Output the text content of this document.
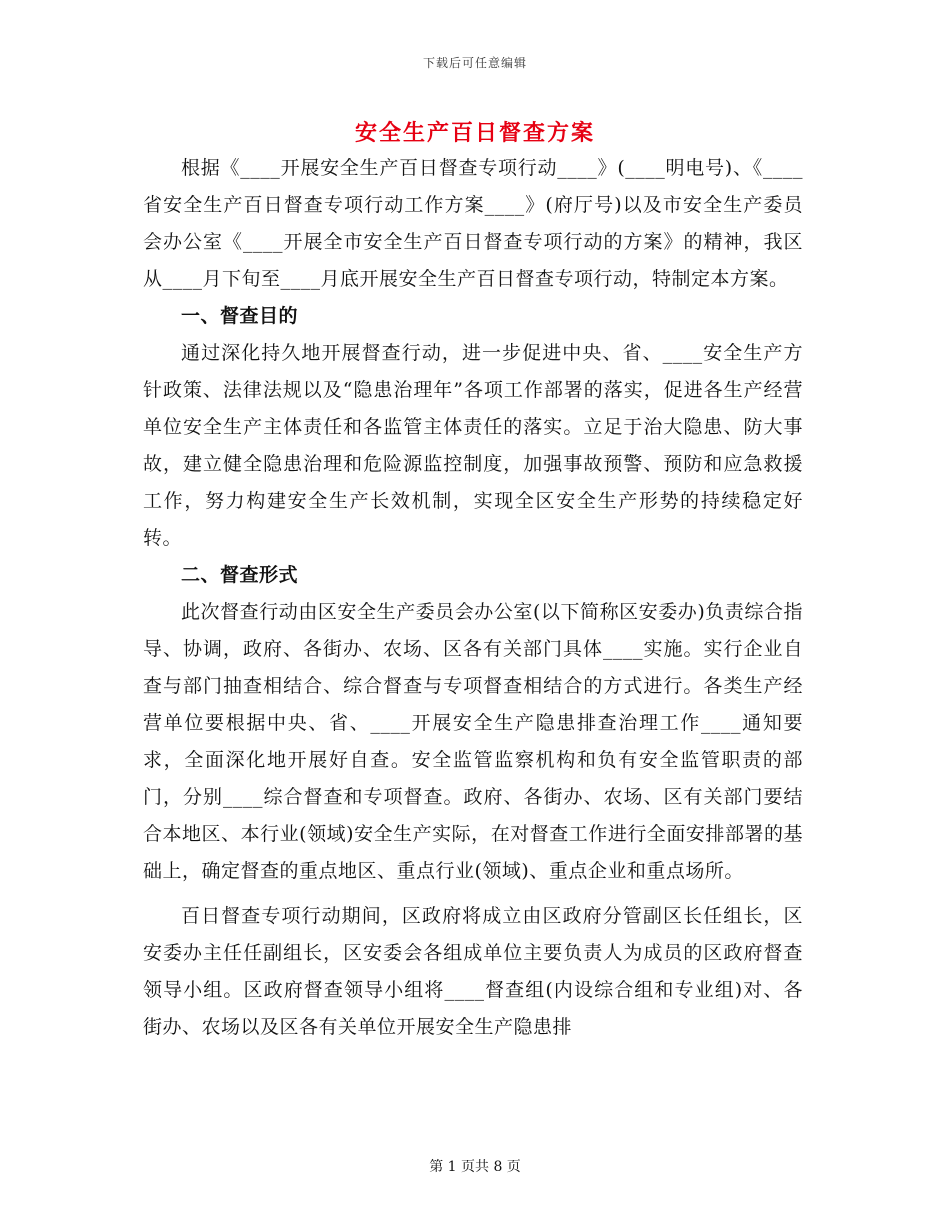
下载后可任意编辑
安全生产百日督查方案

根据《____开展安全生产百日督查专项行动____》(____明电号)、《____省安全生产百日督查专项行动工作方案____》(府厅号)以及市安全生产委员会办公室《____开展全市安全生产百日督查专项行动的方案》的精神，我区从____月下旬至____月底开展安全生产百日督查专项行动，特制定本方案。

一、督查目的

通过深化持久地开展督查行动，进一步促进中央、省、____安全生产方针政策、法律法规以及“隐患治理年”各项工作部署的落实，促进各生产经营单位安全生产主体责任和各监管主体责任的落实。立足于治大隐患、防大事故，建立健全隐患治理和危险源监控制度，加强事故预警、预防和应急救援工作，努力构建安全生产长效机制，实现全区安全生产形势的持续稳定好转。

二、督查形式

此次督查行动由区安全生产委员会办公室(以下简称区安委办)负责综合指导、协调，政府、各街办、农场、区各有关部门具体____实施。实行企业自查与部门抽查相结合、综合督查与专项督查相结合的方式进行。各类生产经营单位要根据中央、省、____开展安全生产隐患排查治理工作____通知要求，全面深化地开展好自查。安全监管监察机构和负有安全监管职责的部门，分别____综合督查和专项督查。政府、各街办、农场、区有关部门要结合本地区、本行业(领域)安全生产实际，在对督查工作进行全面安排部署的基础上，确定督查的重点地区、重点行业(领域)、重点企业和重点场所。

百日督查专项行动期间，区政府将成立由区政府分管副区长任组长，区安委办主任任副组长，区安委会各组成单位主要负责人为成员的区政府督查领导小组。区政府督查领导小组将____督查组(内设综合组和专业组)对、各街办、农场以及区各有关单位开展安全生产隐患排

第 1 页共 8 页
